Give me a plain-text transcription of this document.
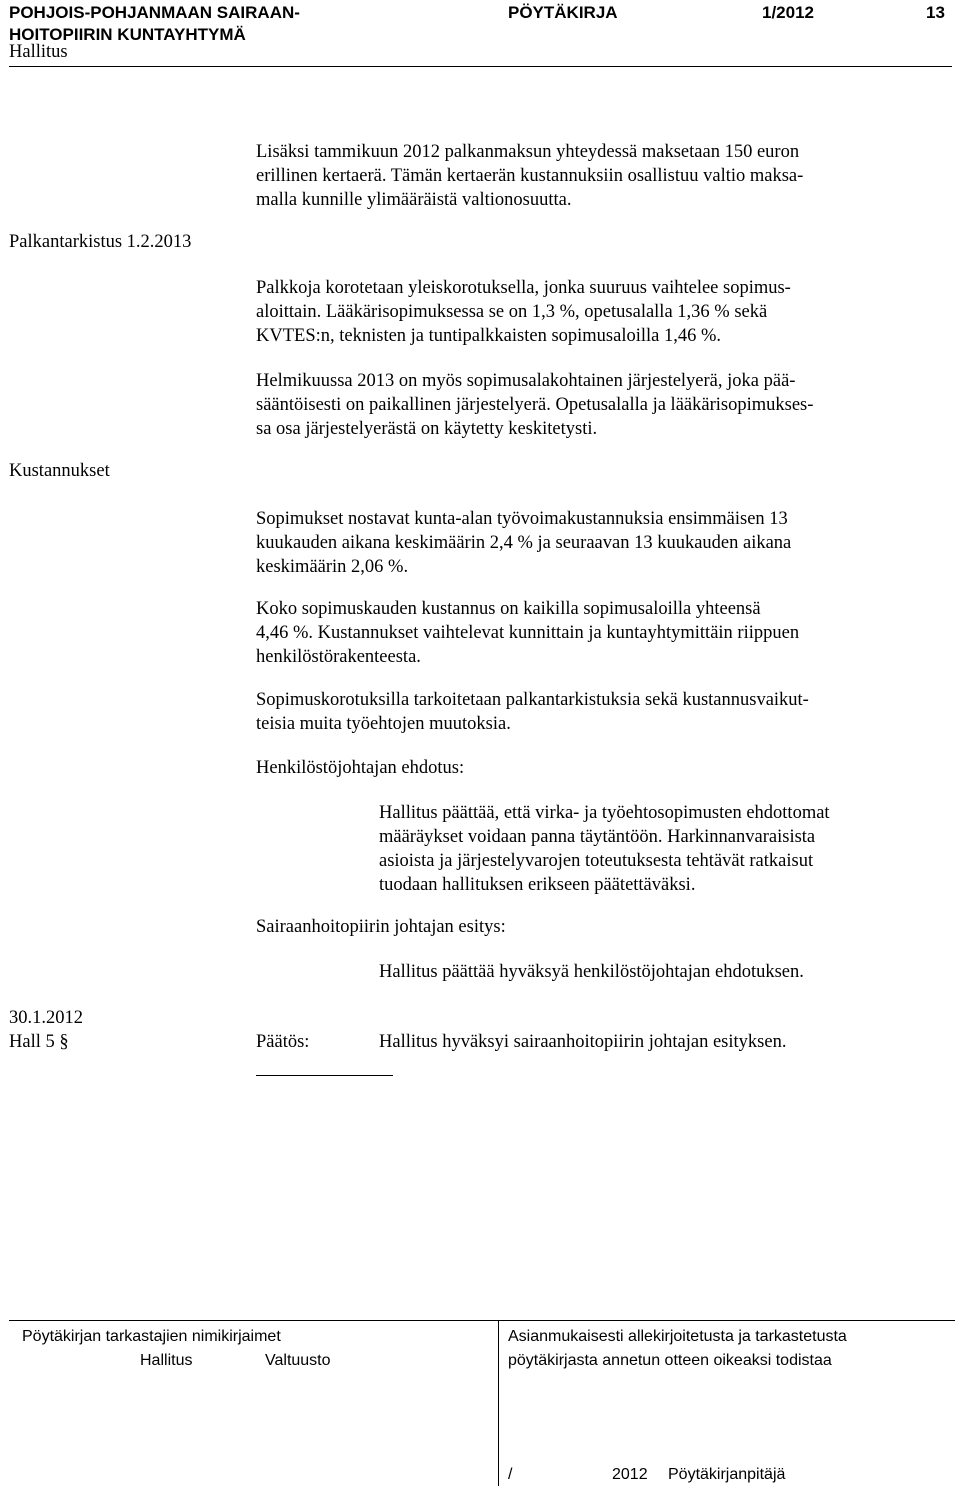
POHJOIS-POHJANMAAN SAIRAAN-
HOITOPIIRIN KUNTAYHTYMÄ
PÖYTÄKIRJA	1/2012	13
Hallitus
Palkantarkistus 1.2.2013
Kustannukset
30.1.2012
Hall 5 §
Lisäksi tammikuun 2012 palkanmaksun yhteydessä maksetaan 150 euron
erillinen kertaerä. Tämän kertaerän kustannuksiin osallistuu valtio maksa-
malla kunnille ylimääräistä valtionosuutta.
Palkkoja korotetaan yleiskorotuksella, jonka suuruus vaihtelee sopimus-
aloittain. Lääkärisopimuksessa se on 1,3 %, opetusalalla 1,36 % sekä
KVTES:n, teknisten ja tuntipalkkaisten sopimusaloilla 1,46 %.
Helmikuussa 2013 on myös sopimusalakohtainen järjestelyerä, joka pää-
sääntöisesti on paikallinen järjestelyerä. Opetusalalla ja lääkärisopimukses-
sa osa järjestelyerästä on käytetty keskitetysti.
Sopimukset nostavat kunta-alan työvoimakustannuksia ensimmäisen 13
kuukauden aikana keskimäärin 2,4 % ja seuraavan 13 kuukauden aikana
keskimäärin 2,06 %.
Koko sopimuskauden kustannus on kaikilla sopimusaloilla yhteensä
4,46 %. Kustannukset vaihtelevat kunnittain ja kuntayhtymittäin riippuen
henkilöstörakenteesta.
Sopimuskorotuksilla tarkoitetaan palkantarkistuksia sekä kustannusvaikut-
teisia muita työehtojen muutoksia.
Henkilöstöjohtajan ehdotus:
Hallitus päättää, että virka- ja työehtosopimusten ehdottomat
määräykset voidaan panna täytäntöön. Harkinnanvaraisista
asioista ja järjestelyvarojen toteutuksesta tehtävät ratkaisut
tuodaan hallituksen erikseen päätettäväksi.
Sairaanhoitopiirin johtajan esitys:
Hallitus päättää hyväksyä henkilöstöjohtajan ehdotuksen.
Päätös:	Hallitus hyväksyi sairaanhoitopiirin johtajan esityksen.
Pöytäkirjan tarkastajien nimikirjaimet
Hallitus	Valtuusto
Asianmukaisesti allekirjoitetusta ja tarkastetusta
pöytäkirjasta annetun otteen oikeaksi todistaa
/	2012 Pöytäkirjanpitäjä
